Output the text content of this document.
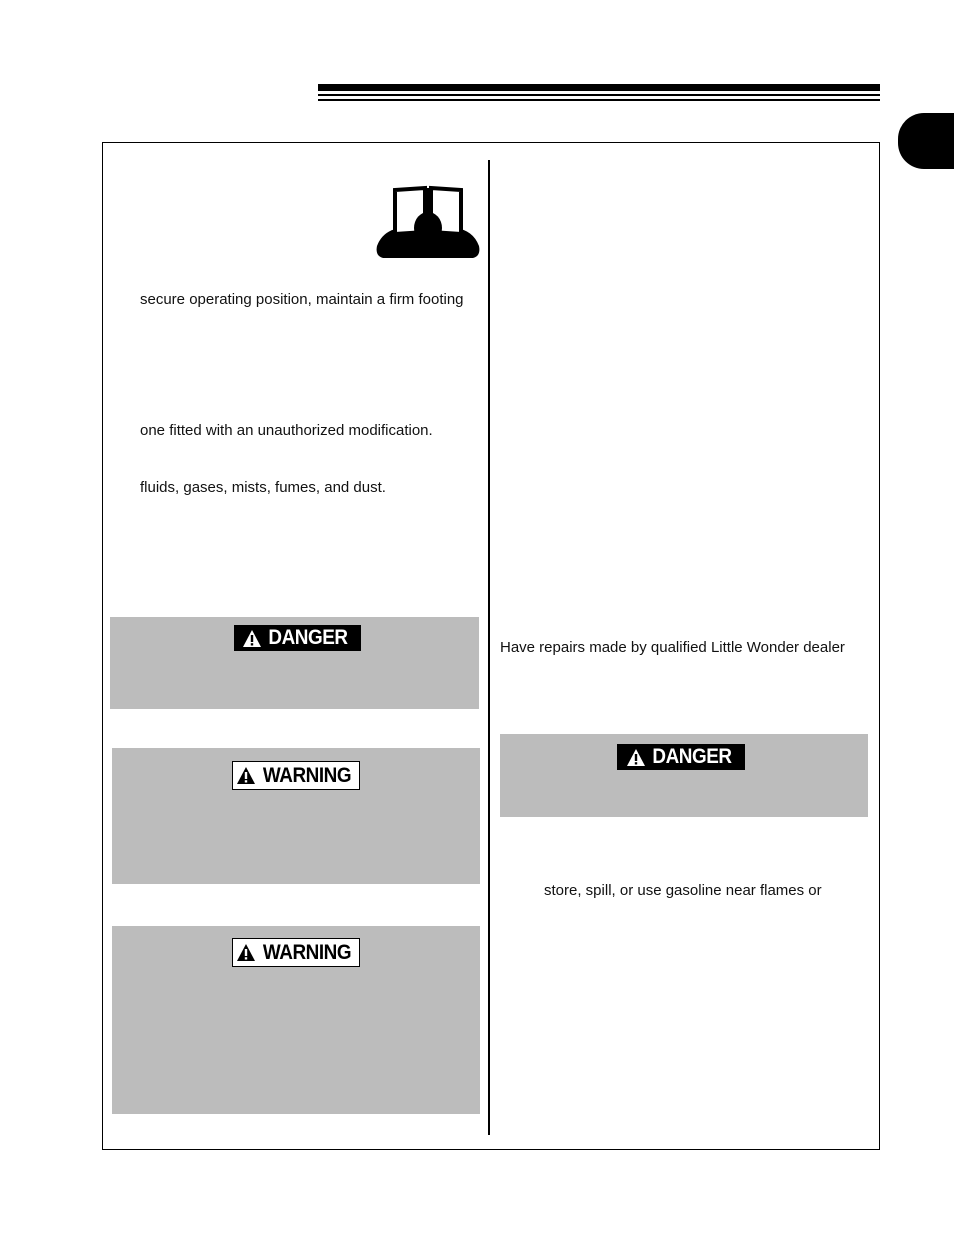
secure operating position, maintain a firm footing
one fitted with an unauthorized modification.
fluids, gases, mists, fumes, and dust.
DANGER
WARNING
WARNING
Have repairs made by qualified Little Wonder dealer
DANGER
store, spill, or use gasoline near flames or
